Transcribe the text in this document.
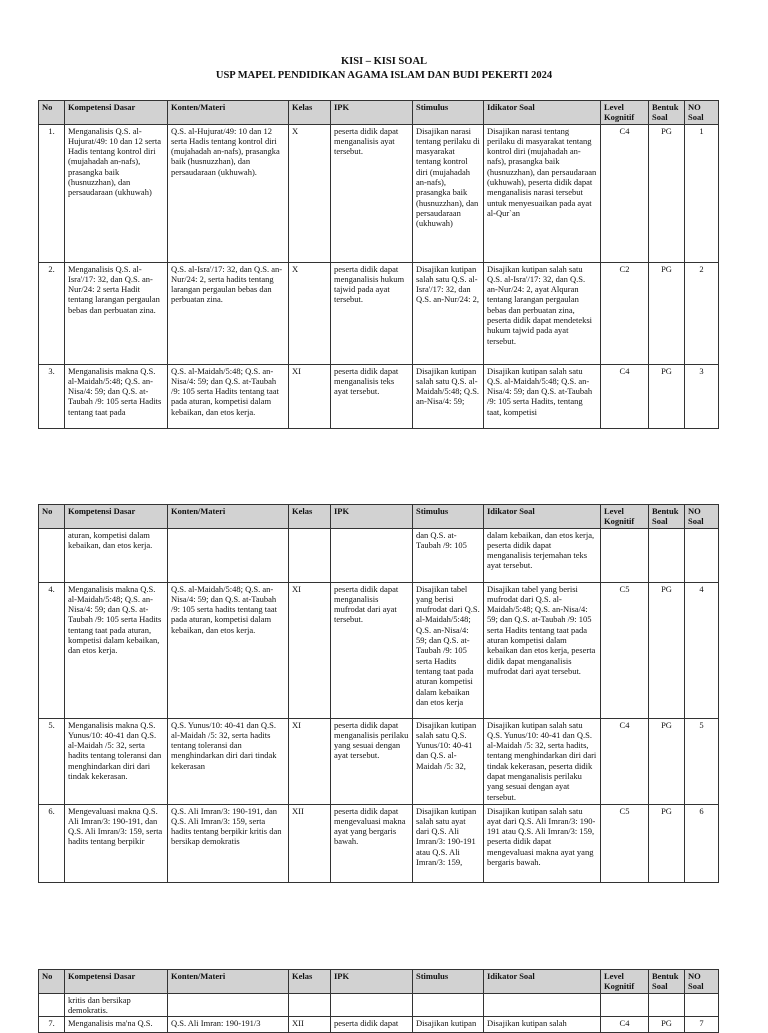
KISI – KISI SOAL
USP MAPEL PENDIDIKAN AGAMA ISLAM DAN BUDI PEKERTI 2024
No	Kompetensi Dasar	Konten/Materi	Kelas	IPK	Stimulus	Idikator Soal	Level Kognitif	Bentuk Soal	NO Soal
1.	Menganalisis Q.S. al-Hujurat/49: 10 dan 12 serta Hadis tentang kontrol diri (mujahadah an-nafs), prasangka baik (husnuzzhan), dan persaudaraan (ukhuwah)	Q.S. al-Hujurat/49: 10 dan 12 serta Hadis tentang kontrol diri (mujahadah an-nafs), prasangka baik (husnuzzhan), dan persaudaraan (ukhuwah).	X	peserta didik dapat menganalisis ayat tersebut.	Disajikan narasi tentang perilaku di masyarakat tentang kontrol diri (mujahadah an-nafs), prasangka baik (husnuzzhan), dan persaudaraan (ukhuwah)	Disajikan narasi tentang perilaku di masyarakat tentang kontrol diri (mujahadah an-nafs), prasangka baik (husnuzzhan), dan persaudaraan (ukhuwah), peserta didik dapat menganalisis narasi tersebut untuk menyesuaikan pada ayat al-Qur`an	C4	PG	1
2.	Menganalisis Q.S. al-Isra'/17: 32, dan Q.S. an-Nur/24: 2 serta Hadit tentang larangan pergaulan bebas dan perbuatan zina.	Q.S. al-Isra'/17: 32, dan Q.S. an-Nur/24: 2, serta hadits tentang larangan pergaulan bebas dan perbuatan zina.	X	peserta didik dapat menganalisis hukum tajwid pada ayat tersebut.	Disajikan kutipan salah satu Q.S. al-Isra'/17: 32, dan Q.S. an-Nur/24: 2,	Disajikan kutipan salah satu Q.S. al-Isra'/17: 32, dan Q.S. an-Nur/24: 2, ayat Alquran tentang larangan pergaulan bebas dan perbuatan zina, peserta didik dapat mendeteksi hukum tajwid pada ayat tersebut.	C2	PG	2
3.	Menganalisis makna Q.S. al-Maidah/5:48; Q.S. an-Nisa/4: 59; dan Q.S. at-Taubah /9: 105 serta Hadits tentang taat pada	Q.S. al-Maidah/5:48; Q.S. an-Nisa/4: 59; dan Q.S. at-Taubah /9: 105 serta Hadits tentang taat pada aturan, kompetisi dalam kebaikan, dan etos kerja.	XI	peserta didik dapat menganalisis teks ayat tersebut.	Disajikan kutipan salah satu Q.S. al-Maidah/5:48; Q.S. an-Nisa/4: 59;	Disajikan kutipan salah satu Q.S. al-Maidah/5:48; Q.S. an-Nisa/4: 59; dan Q.S. at-Taubah /9: 105 serta Hadits, tentang taat, kompetisi	C4	PG	3
No	Kompetensi Dasar	Konten/Materi	Kelas	IPK	Stimulus	Idikator Soal	Level Kognitif	Bentuk Soal	NO Soal
	aturan, kompetisi dalam kebaikan, dan etos kerja.				dan Q.S. at-Taubah /9: 105	dalam kebaikan, dan etos kerja, peserta didik dapat menganalisis terjemahan teks ayat tersebut.			
4.	Menganalisis makna Q.S. al-Maidah/5:48; Q.S. an-Nisa/4: 59; dan Q.S. at-Taubah /9: 105 serta Hadits tentang taat pada aturan, kompetisi dalam kebaikan, dan etos kerja.	Q.S. al-Maidah/5:48; Q.S. an-Nisa/4: 59; dan Q.S. at-Taubah /9: 105 serta hadits tentang taat pada aturan, kompetisi dalam kebaikan, dan etos kerja.	XI	peserta didik dapat menganalisis mufrodat dari ayat tersebut.	Disajikan tabel yang berisi mufrodat dari Q.S. al-Maidah/5:48; Q.S. an-Nisa/4: 59; dan Q.S. at-Taubah /9: 105 serta Hadits tentang taat pada aturan kompetisi dalam kebaikan dan etos kerja	Disajikan tabel yang berisi mufrodat dari Q.S. al-Maidah/5:48; Q.S. an-Nisa/4: 59; dan Q.S. at-Taubah /9: 105 serta Hadits tentang taat pada aturan kompetisi dalam kebaikan dan etos kerja, peserta didik dapat menganalisis mufrodat dari ayat tersebut.	C5	PG	4
5.	Menganalisis makna Q.S. Yunus/10: 40-41 dan Q.S. al-Maidah /5: 32, serta hadits tentang toleransi dan menghindarkan diri dari tindak kekerasan.	Q.S. Yunus/10: 40-41 dan Q.S. al-Maidah /5: 32, serta hadits tentang toleransi dan menghindarkan diri dari tindak kekerasan	XI	peserta didik dapat menganalisis perilaku yang sesuai dengan ayat tersebut.	Disajikan kutipan salah satu Q.S. Yunus/10: 40-41 dan Q.S. al-Maidah /5: 32,	Disajikan kutipan salah satu Q.S. Yunus/10: 40-41 dan Q.S. al-Maidah /5: 32, serta hadits, tentang menghindarkan diri dari tindak kekerasan, peserta didik dapat menganalisis perilaku yang sesuai dengan ayat tersebut.	C4	PG	5
6.	Mengevaluasi makna Q.S. Ali Imran/3: 190-191, dan Q.S. Ali Imran/3: 159, serta hadits tentang berpikir	Q.S. Ali Imran/3: 190-191, dan Q.S. Ali Imran/3: 159, serta hadits tentang berpikir kritis dan bersikap demokratis	XII	peserta didik dapat mengevaluasi makna ayat yang bergaris bawah.	Disajikan kutipan salah satu ayat dari Q.S. Ali Imran/3: 190-191 atau Q.S. Ali Imran/3: 159,	Disajikan kutipan salah satu ayat dari Q.S. Ali Imran/3: 190-191 atau Q.S. Ali Imran/3: 159, peserta didik dapat mengevaluasi makna ayat yang bergaris bawah.	C5	PG	6
No	Kompetensi Dasar	Konten/Materi	Kelas	IPK	Stimulus	Idikator Soal	Level Kognitif	Bentuk Soal	NO Soal
	kritis dan bersikap demokratis.								
7.	Menganalisis ma'na Q.S.	Q.S. Ali Imran: 190-191/3	XII	peserta didik dapat	Disajikan kutipan	Disajikan kutipan salah	C4	PG	7
